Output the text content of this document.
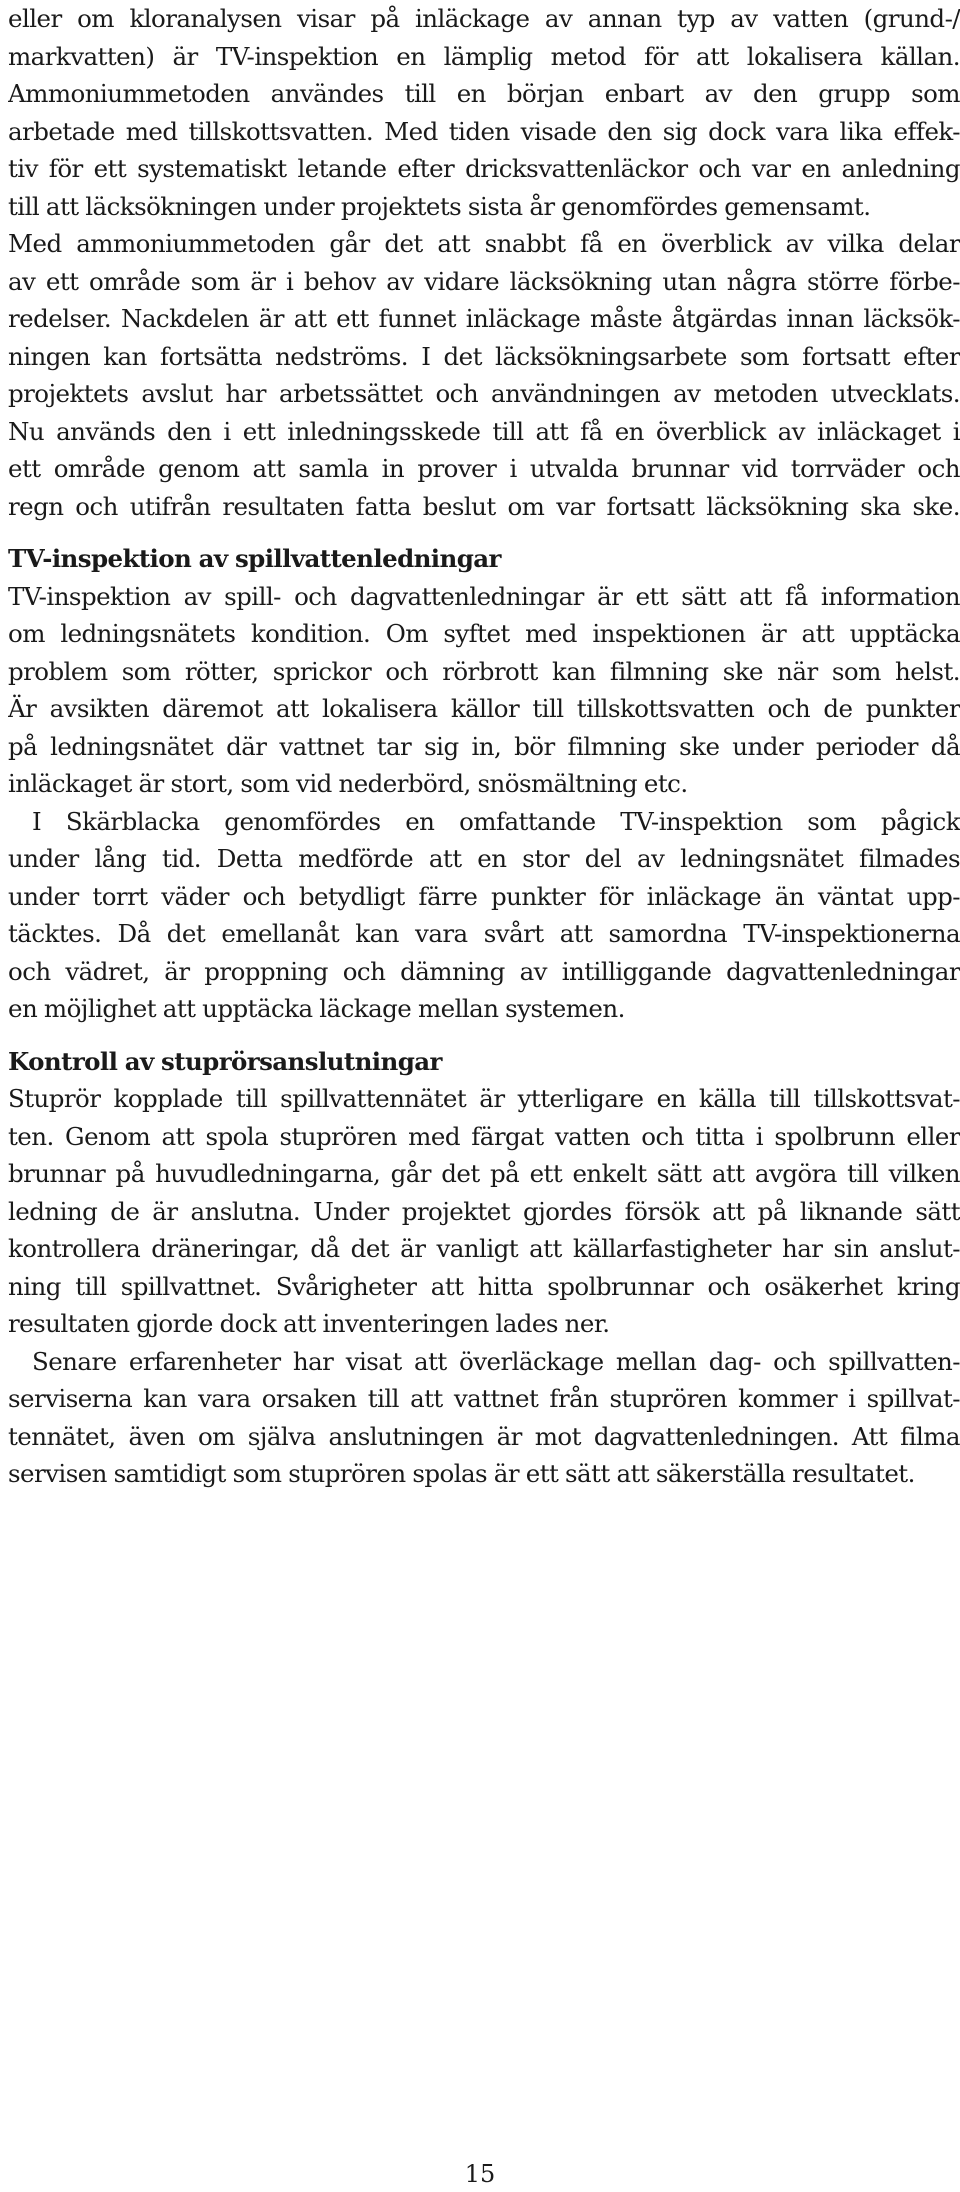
eller om kloranalysen visar på inläckage av annan typ av vatten (grund-/
markvatten) är TV-inspektion en lämplig metod för att lokalisera källan.
Ammoniummetoden användes till en början enbart av den grupp som
arbetade med tillskottsvatten. Med tiden visade den sig dock vara lika effek-
tiv för ett systematiskt letande efter dricksvattenläckor och var en anledning
till att läcksökningen under projektets sista år genomfördes gemensamt.
Med ammoniummetoden går det att snabbt få en överblick av vilka delar
av ett område som är i behov av vidare läcksökning utan några större förbe-
redelser. Nackdelen är att ett funnet inläckage måste åtgärdas innan läcksök-
ningen kan fortsätta nedströms. I det läcksökningsarbete som fortsatt efter
projektets avslut har arbetssättet och användningen av metoden utvecklats.
Nu används den i ett inledningsskede till att få en överblick av inläckaget i
ett område genom att samla in prover i utvalda brunnar vid torrväder och
regn och utifrån resultaten fatta beslut om var fortsatt läcksökning ska ske.
TV-inspektion av spillvattenledningar
TV-inspektion av spill- och dagvattenledningar är ett sätt att få information
om ledningsnätets kondition. Om syftet med inspektionen är att upptäcka
problem som rötter, sprickor och rörbrott kan filmning ske när som helst.
Är avsikten däremot att lokalisera källor till tillskottsvatten och de punkter
på ledningsnätet där vattnet tar sig in, bör filmning ske under perioder då
inläckaget är stort, som vid nederbörd, snösmältning etc.
I Skärblacka genomfördes en omfattande TV-inspektion som pågick
under lång tid. Detta medförde att en stor del av ledningsnätet filmades
under torrt väder och betydligt färre punkter för inläckage än väntat upp-
täcktes. Då det emellanåt kan vara svårt att samordna TV-inspektionerna
och vädret, är proppning och dämning av intilliggande dagvattenledningar
en möjlighet att upptäcka läckage mellan systemen.
Kontroll av stuprörsanslutningar
Stuprör kopplade till spillvattennätet är ytterligare en källa till tillskottsvat-
ten. Genom att spola stuprören med färgat vatten och titta i spolbrunn eller
brunnar på huvudledningarna, går det på ett enkelt sätt att avgöra till vilken
ledning de är anslutna. Under projektet gjordes försök att på liknande sätt
kontrollera dräneringar, då det är vanligt att källarfastigheter har sin anslut-
ning till spillvattnet. Svårigheter att hitta spolbrunnar och osäkerhet kring
resultaten gjorde dock att inventeringen lades ner.
Senare erfarenheter har visat att överläckage mellan dag- och spillvatten-
serviserna kan vara orsaken till att vattnet från stuprören kommer i spillvat-
tennätet, även om själva anslutningen är mot dagvattenledningen. Att filma
servisen samtidigt som stuprören spolas är ett sätt att säkerställa resultatet.
15
